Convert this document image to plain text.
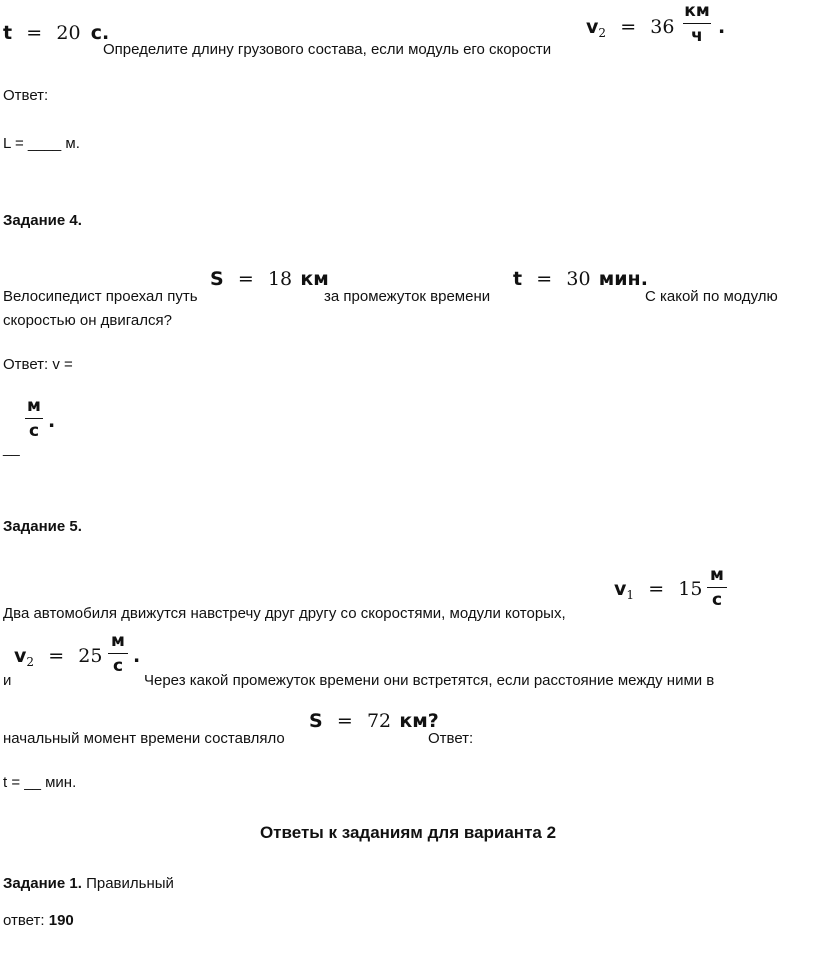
t = 20 с.
Определите длину грузового состава, если модуль его скорости
$v_2 = 36$
км
ч .
Ответ:
L = ____ м.
Задание 4.
Велосипедист проехал путь
S = 18 км
за промежуток времени
t = 30 мин.
С какой по модулю
скоростью он двигался?
Ответ: v =
м
с .
__
Задание 5.
$v_1 = 15$
м
с
Два автомобиля движутся навстречу друг другу со скоростями, модули которых,
$v_2 = 25$
м
с .
и	Через какой промежуток времени они встретятся, если расстояние между ними в
начальный момент времени составляло
S = 72 км?
Ответ:
t = __ мин.
Ответы к заданиям для варианта 2
Задание 1. Правильный
ответ: 190
